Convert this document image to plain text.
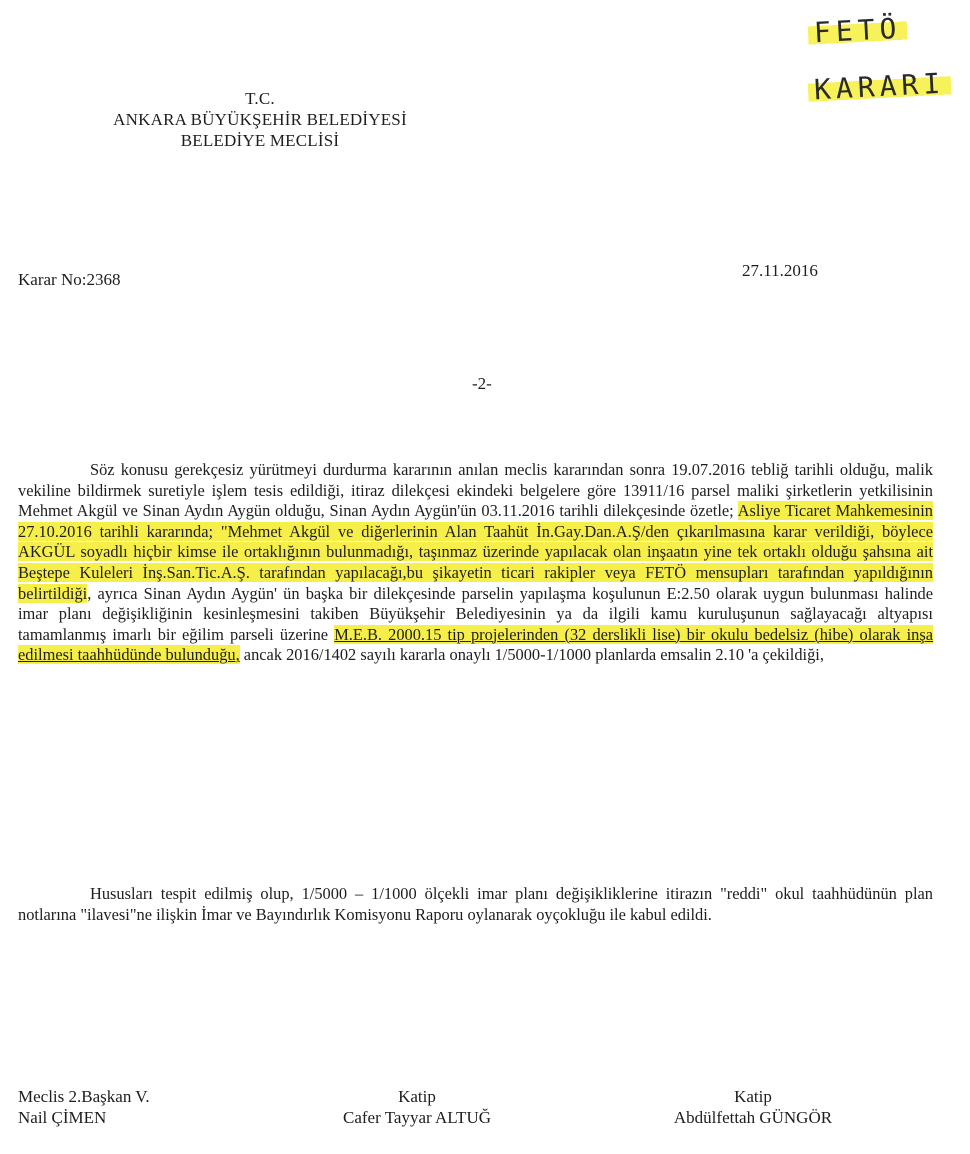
FETÖ
KARARI
T.C.
ANKARA BÜYÜKŞEHİR BELEDİYESİ
BELEDİYE MECLİSİ
Karar No:2368	27.11.2016
-2-

Söz konusu gerekçesiz yürütmeyi durdurma kararının anılan meclis kararından sonra 19.07.2016 tebliğ tarihli olduğu, malik vekiline bildirmek suretiyle işlem tesis edildiği, itiraz dilekçesi ekindeki belgelere göre 13911/16 parsel maliki şirketlerin yetkilisinin Mehmet Akgül ve Sinan Aydın Aygün olduğu, Sinan Aydın Aygün'ün 03.11.2016 tarihli dilekçesinde özetle; Asliye Ticaret Mahkemesinin 27.10.2016 tarihli kararında; "Mehmet Akgül ve diğerlerinin Alan Taahüt İn.Gay.Dan.A.Ş/den çıkarılmasına karar verildiği, böylece AKGÜL soyadlı hiçbir kimse ile ortaklığının bulunmadığı, taşınmaz üzerinde yapılacak olan inşaatın yine tek ortaklı olduğu şahsına ait Beştepe Kuleleri İnş.San.Tic.A.Ş. tarafından yapılacağı,bu şikayetin ticari rakipler veya FETÖ mensupları tarafından yapıldığının belirtildiği, ayrıca Sinan Aydın Aygün' ün başka bir dilekçesinde parselin yapılaşma koşulunun E:2.50 olarak uygun bulunması halinde imar planı değişikliğinin kesinleşmesini takiben Büyükşehir Belediyesinin ya da ilgili kamu kuruluşunun sağlayacağı altyapısı tamamlanmış imarlı bir eğilim parseli üzerine M.E.B. 2000.15 tip projelerinden (32 derslikli lise) bir okulu bedelsiz (hibe) olarak inşa edilmesi taahhüdünde bulunduğu, ancak 2016/1402 sayılı kararla onaylı 1/5000-1/1000 planlarda emsalin 2.10 'a çekildiği,

Hususları tespit edilmiş olup, 1/5000 – 1/1000 ölçekli imar planı değişikliklerine itirazın "reddi" okul taahhüdünün plan notlarına "ilavesi"ne ilişkin İmar ve Bayındırlık Komisyonu Raporu oylanarak oyçokluğu ile kabul edildi.

Meclis 2.Başkan V.
Nail ÇİMEN
Katip
Cafer Tayyar ALTUĞ
Katip
Abdülfettah GÜNGÖR
